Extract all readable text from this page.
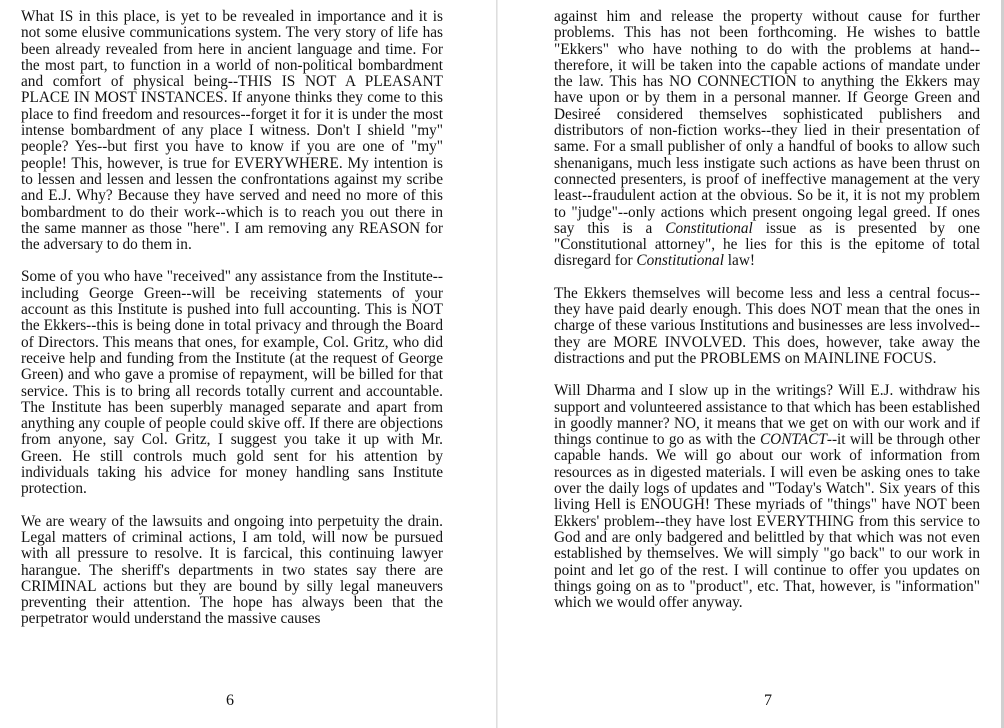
What IS in this place, is yet to be revealed in importance and it is not some elusive communications system. The very story of life has been already revealed from here in ancient language and time. For the most part, to function in a world of non-political bombardment and comfort of physical being--THIS IS NOT A PLEASANT PLACE IN MOST INSTANCES. If anyone thinks they come to this place to find freedom and resources--forget it for it is under the most intense bombardment of any place I witness. Don't I shield "my" people? Yes--but first you have to know if you are one of "my" people! This, however, is true for EVERYWHERE. My intention is to lessen and lessen and lessen the confrontations against my scribe and E.J. Why? Because they have served and need no more of this bombardment to do their work--which is to reach you out there in the same manner as those "here". I am removing any REASON for the adversary to do them in.

Some of you who have "received" any assistance from the Institute--including George Green--will be receiving statements of your account as this Institute is pushed into full accounting. This is NOT the Ekkers--this is being done in total privacy and through the Board of Directors. This means that ones, for example, Col. Gritz, who did receive help and funding from the Institute (at the request of George Green) and who gave a promise of repayment, will be billed for that service. This is to bring all records totally current and accountable. The Institute has been superbly managed separate and apart from anything any couple of people could skive off. If there are objections from anyone, say Col. Gritz, I suggest you take it up with Mr. Green. He still controls much gold sent for his attention by individuals taking his advice for money handling sans Institute protection.

We are weary of the lawsuits and ongoing into perpetuity the drain. Legal matters of criminal actions, I am told, will now be pursued with all pressure to resolve. It is farcical, this continuing lawyer harangue. The sheriff's departments in two states say there are CRIMINAL actions but they are bound by silly legal maneuvers preventing their attention. The hope has always been that the perpetrator would understand the massive causes

6

against him and release the property without cause for further problems. This has not been forthcoming. He wishes to battle "Ekkers" who have nothing to do with the problems at hand--therefore, it will be taken into the capable actions of mandate under the law. This has NO CONNECTION to anything the Ekkers may have upon or by them in a personal manner. If George Green and Desireé considered themselves sophisticated publishers and distributors of non-fiction works--they lied in their presentation of same. For a small publisher of only a handful of books to allow such shenanigans, much less instigate such actions as have been thrust on connected presenters, is proof of ineffective management at the very least--fraudulent action at the obvious. So be it, it is not my problem to "judge"--only actions which present ongoing legal greed. If ones say this is a Constitutional issue as is presented by one "Constitutional attorney", he lies for this is the epitome of total disregard for Constitutional law!

The Ekkers themselves will become less and less a central focus--they have paid dearly enough. This does NOT mean that the ones in charge of these various Institutions and businesses are less involved--they are MORE INVOLVED. This does, however, take away the distractions and put the PROBLEMS on MAINLINE FOCUS.

Will Dharma and I slow up in the writings? Will E.J. withdraw his support and volunteered assistance to that which has been established in goodly manner? NO, it means that we get on with our work and if things continue to go as with the CONTACT--it will be through other capable hands. We will go about our work of information from resources as in digested materials. I will even be asking ones to take over the daily logs of updates and "Today's Watch". Six years of this living Hell is ENOUGH! These myriads of "things" have NOT been Ekkers' problem--they have lost EVERYTHING from this service to God and are only badgered and belittled by that which was not even established by themselves. We will simply "go back" to our work in point and let go of the rest. I will continue to offer you updates on things going on as to "product", etc. That, however, is "information" which we would offer anyway.

7
